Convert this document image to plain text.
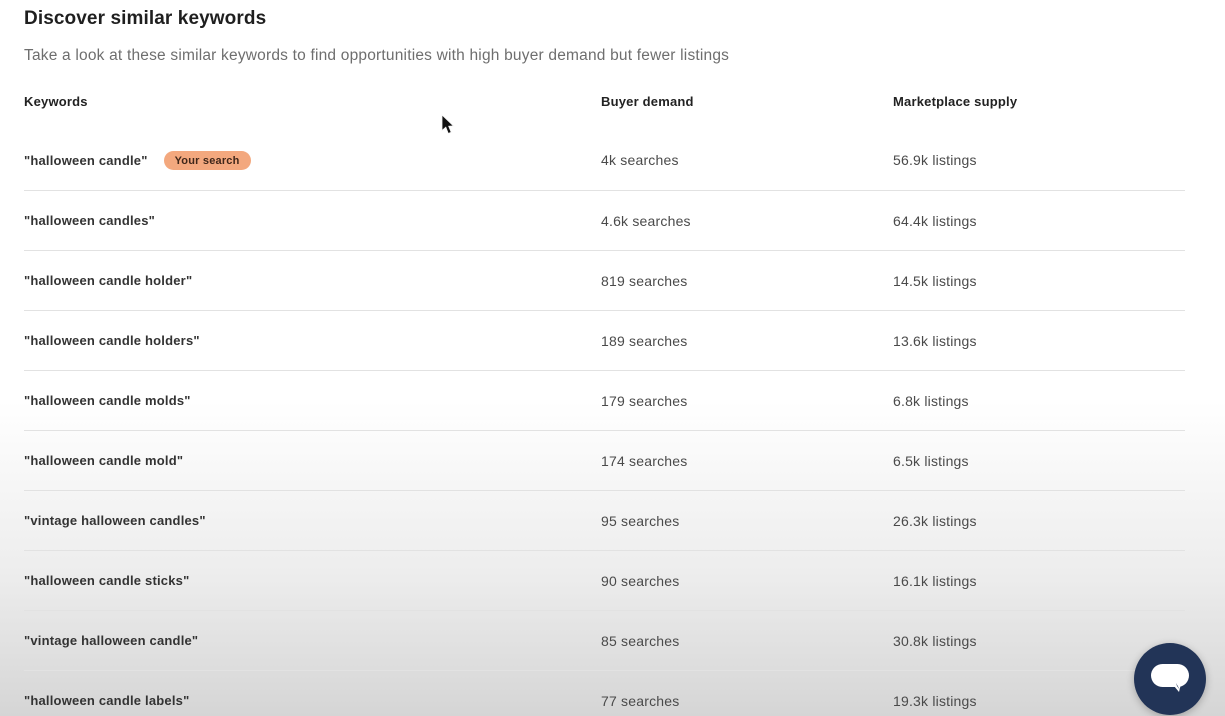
Discover similar keywords

Take a look at these similar keywords to find opportunities with high buyer demand but fewer listings

Keywords	Buyer demand	Marketplace supply
"halloween candle"	Your search	4k searches	56.9k listings
"halloween candles"	4.6k searches	64.4k listings
"halloween candle holder"	819 searches	14.5k listings
"halloween candle holders"	189 searches	13.6k listings
"halloween candle molds"	179 searches	6.8k listings
"halloween candle mold"	174 searches	6.5k listings
"vintage halloween candles"	95 searches	26.3k listings
"halloween candle sticks"	90 searches	16.1k listings
"vintage halloween candle"	85 searches	30.8k listings
"halloween candle labels"	77 searches	19.3k listings
